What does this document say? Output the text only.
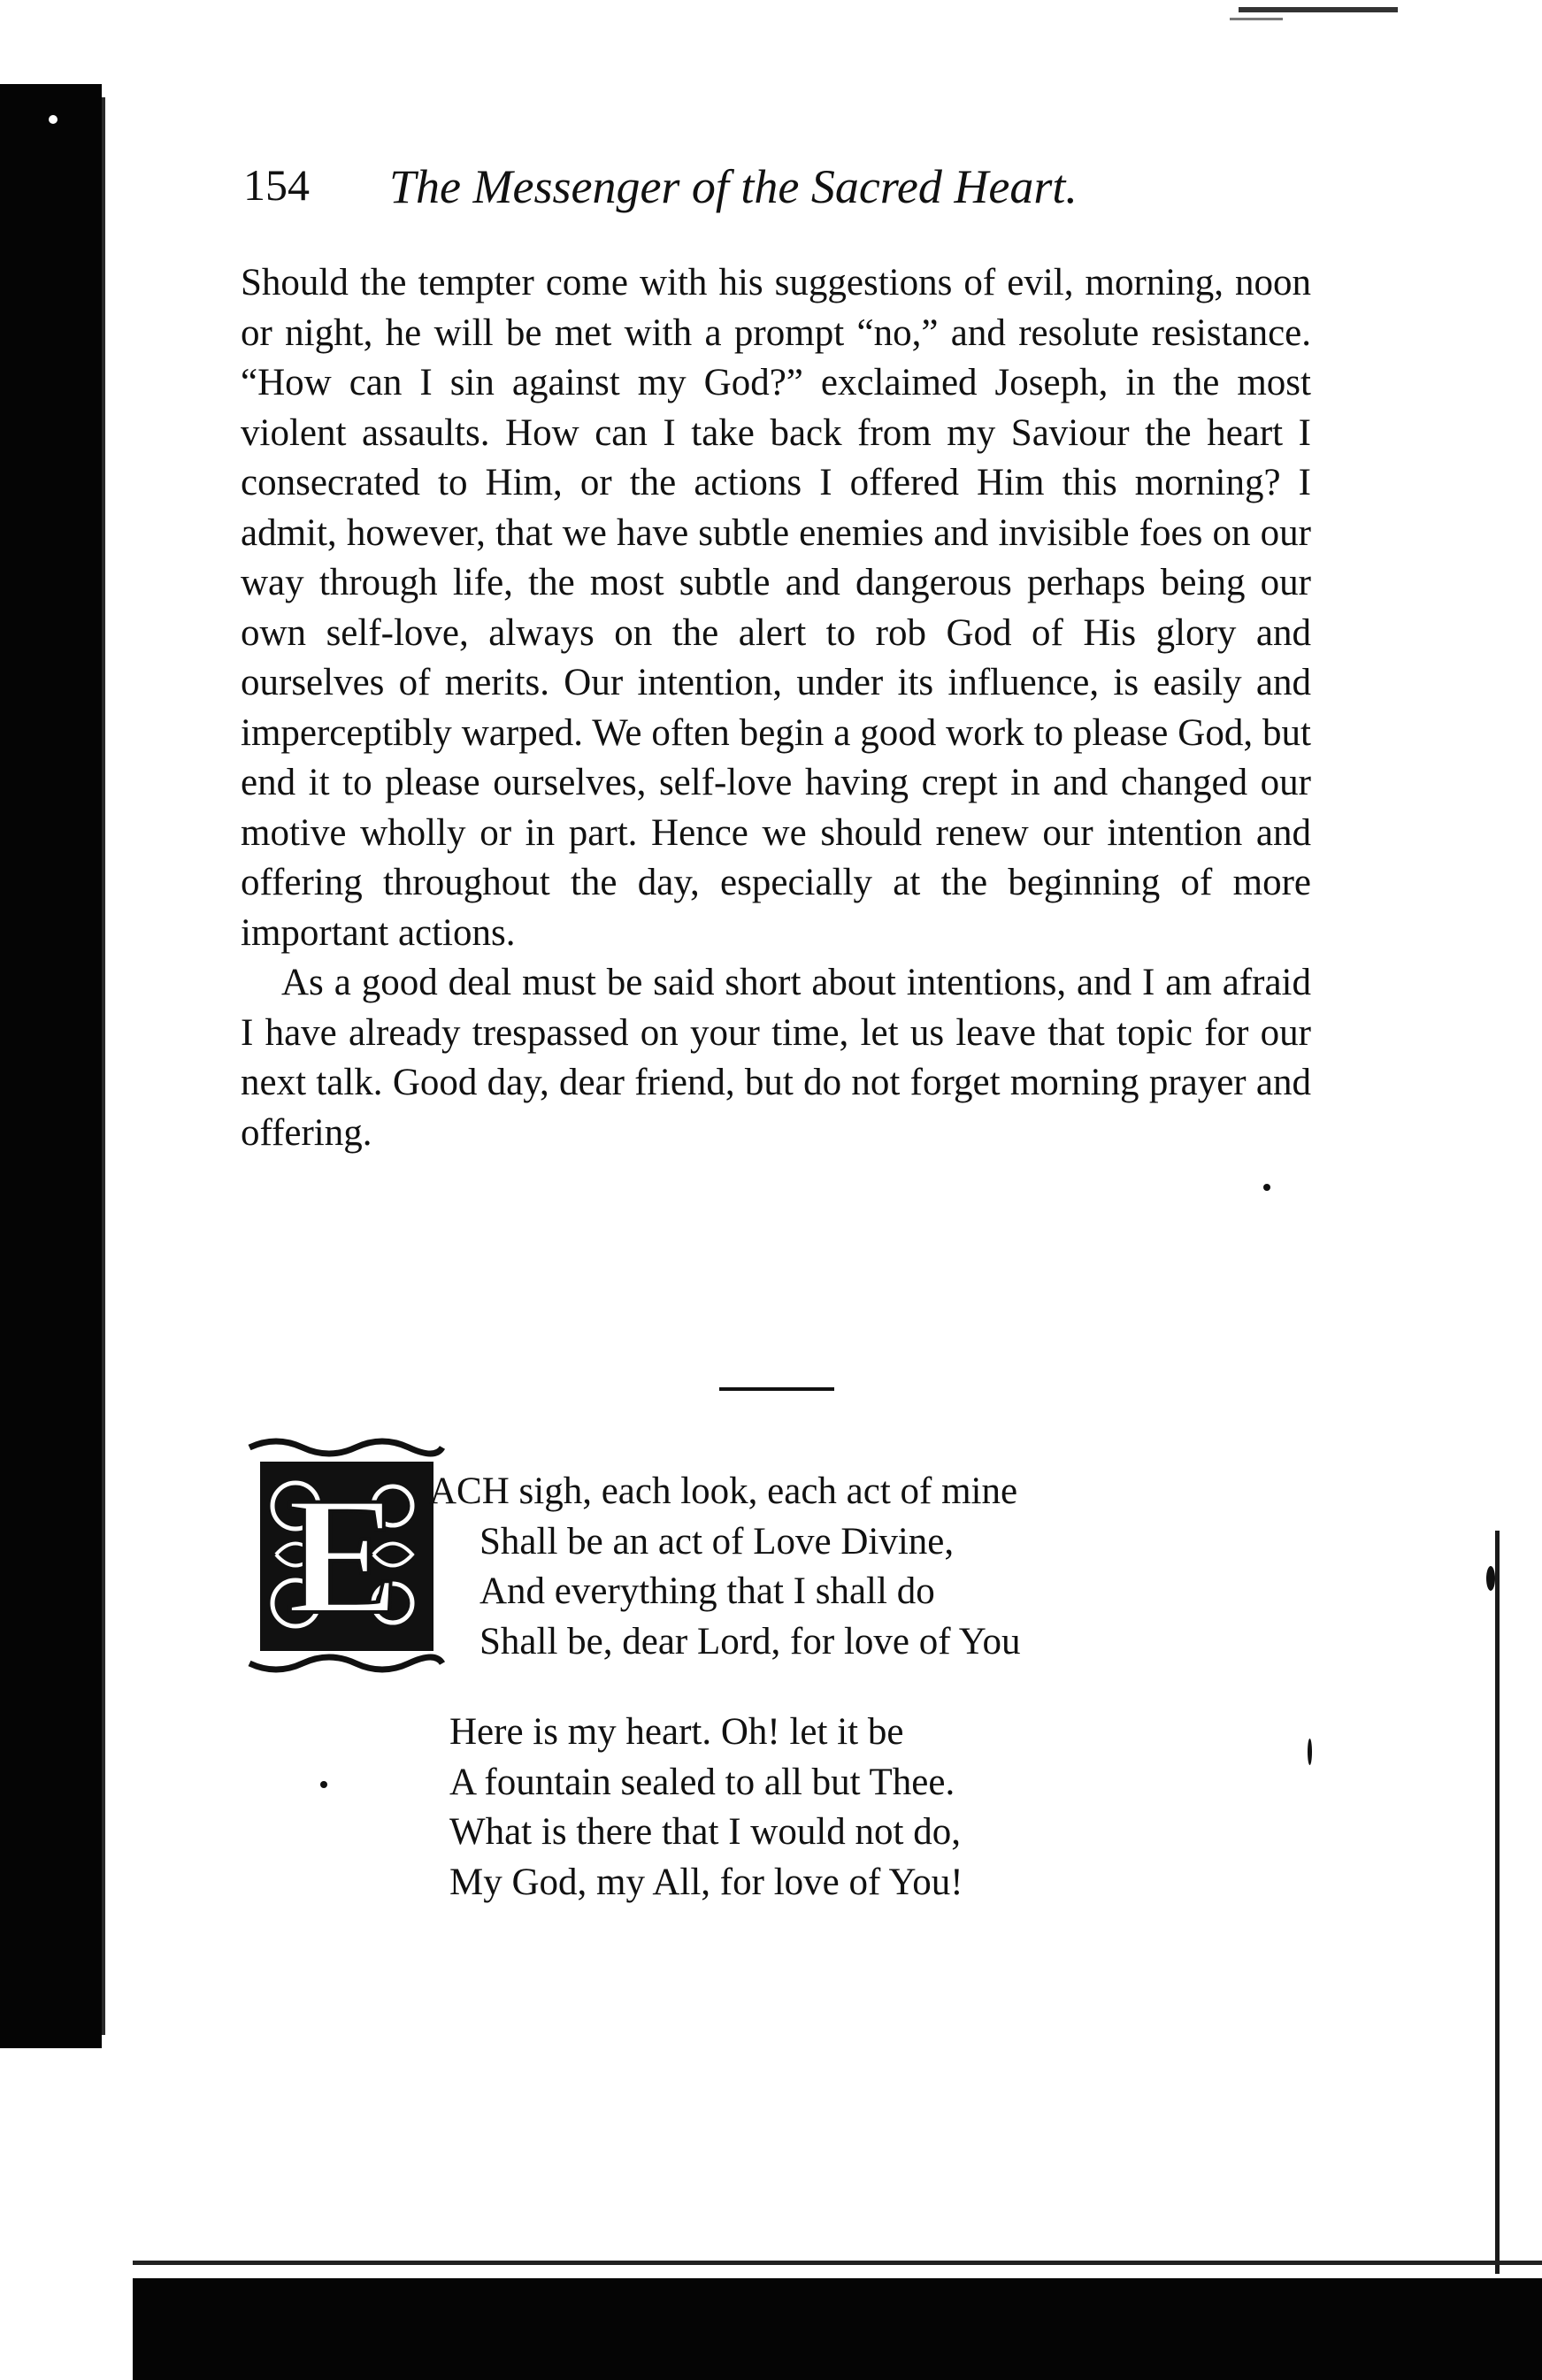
154 The Messenger of the Sacred Heart.

Should the tempter come with his suggestions of evil, morning, noon or night, he will be met with a prompt “no,” and resolute resistance. “How can I sin against my God?” exclaimed Joseph, in the most violent assaults. How can I take back from my Saviour the heart I consecrated to Him, or the actions I offered Him this morning? I admit, however, that we have subtle enemies and invisible foes on our way through life, the most subtle and dangerous perhaps being our own self-love, always on the alert to rob God of His glory and ourselves of merits. Our intention, under its influence, is easily and imperceptibly warped. We often begin a good work to please God, but end it to please ourselves, self-love having crept in and changed our motive wholly or in part. Hence we should renew our intention and offering throughout the day, especially at the beginning of more important actions.

As a good deal must be said short about intentions, and I am afraid I have already trespassed on your time, let us leave that topic for our next talk. Good day, dear friend, but do not forget morning prayer and offering.

E ACH sigh, each look, each act of mine
Shall be an act of Love Divine,
And everything that I shall do
Shall be, dear Lord, for love of You
Here is my heart. Oh! let it be
A fountain sealed to all but Thee.
What is there that I would not do,
My God, my All, for love of You!
